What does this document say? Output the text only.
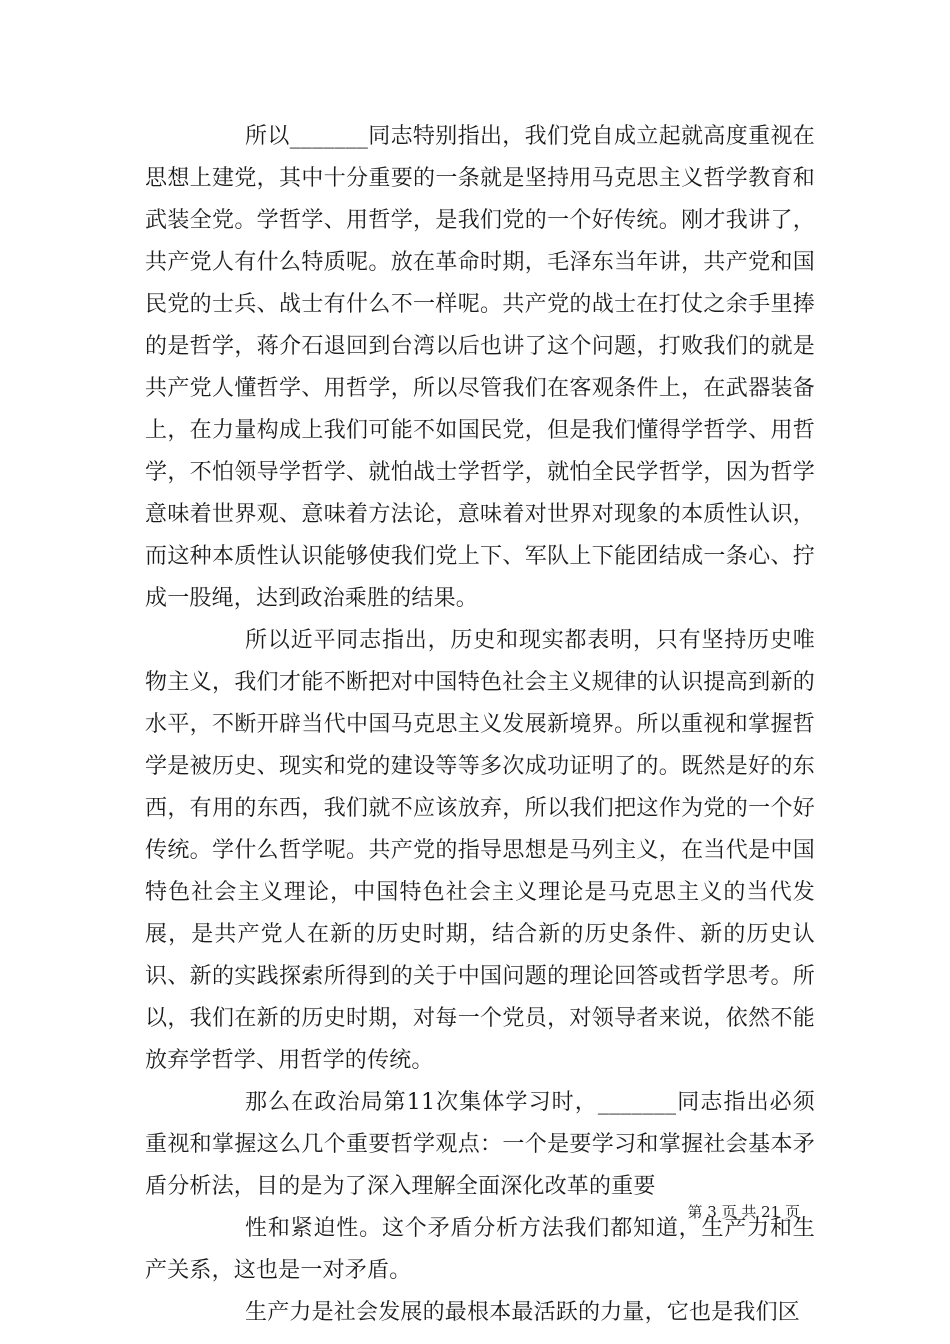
所以_______同志特别指出，我们党自成立起就高度重视在思想上建党，其中十分重要的一条就是坚持用马克思主义哲学教育和武装全党。学哲学、用哲学，是我们党的一个好传统。刚才我讲了，共产党人有什么特质呢。放在革命时期，毛泽东当年讲，共产党和国民党的士兵、战士有什么不一样呢。共产党的战士在打仗之余手里捧的是哲学，蒋介石退回到台湾以后也讲了这个问题，打败我们的就是共产党人懂哲学、用哲学，所以尽管我们在客观条件上，在武器装备上，在力量构成上我们可能不如国民党，但是我们懂得学哲学、用哲学，不怕领导学哲学、就怕战士学哲学，就怕全民学哲学，因为哲学意味着世界观、意味着方法论，意味着对世界对现象的本质性认识，而这种本质性认识能够使我们党上下、军队上下能团结成一条心、拧成一股绳，达到政治乘胜的结果。

所以近平同志指出，历史和现实都表明，只有坚持历史唯物主义，我们才能不断把对中国特色社会主义规律的认识提高到新的水平，不断开辟当代中国马克思主义发展新境界。所以重视和掌握哲学是被历史、现实和党的建设等等多次成功证明了的。既然是好的东西，有用的东西，我们就不应该放弃，所以我们把这作为党的一个好传统。学什么哲学呢。共产党的指导思想是马列主义，在当代是中国特色社会主义理论，中国特色社会主义理论是马克思主义的当代发展，是共产党人在新的历史时期，结合新的历史条件、新的历史认识、新的实践探索所得到的关于中国问题的理论回答或哲学思考。所以，我们在新的历史时期，对每一个党员，对领导者来说，依然不能放弃学哲学、用哲学的传统。

那么在政治局第11次集体学习时，_______同志指出必须重视和掌握这么几个重要哲学观点：一个是要学习和掌握社会基本矛盾分析法，目的是为了深入理解全面深化改革的重要

性和紧迫性。这个矛盾分析方法我们都知道，生产力和生产关系，这也是一对矛盾。

生产力是社会发展的最根本最活跃的力量，它也是我们区

第 3 页 共 21 页
